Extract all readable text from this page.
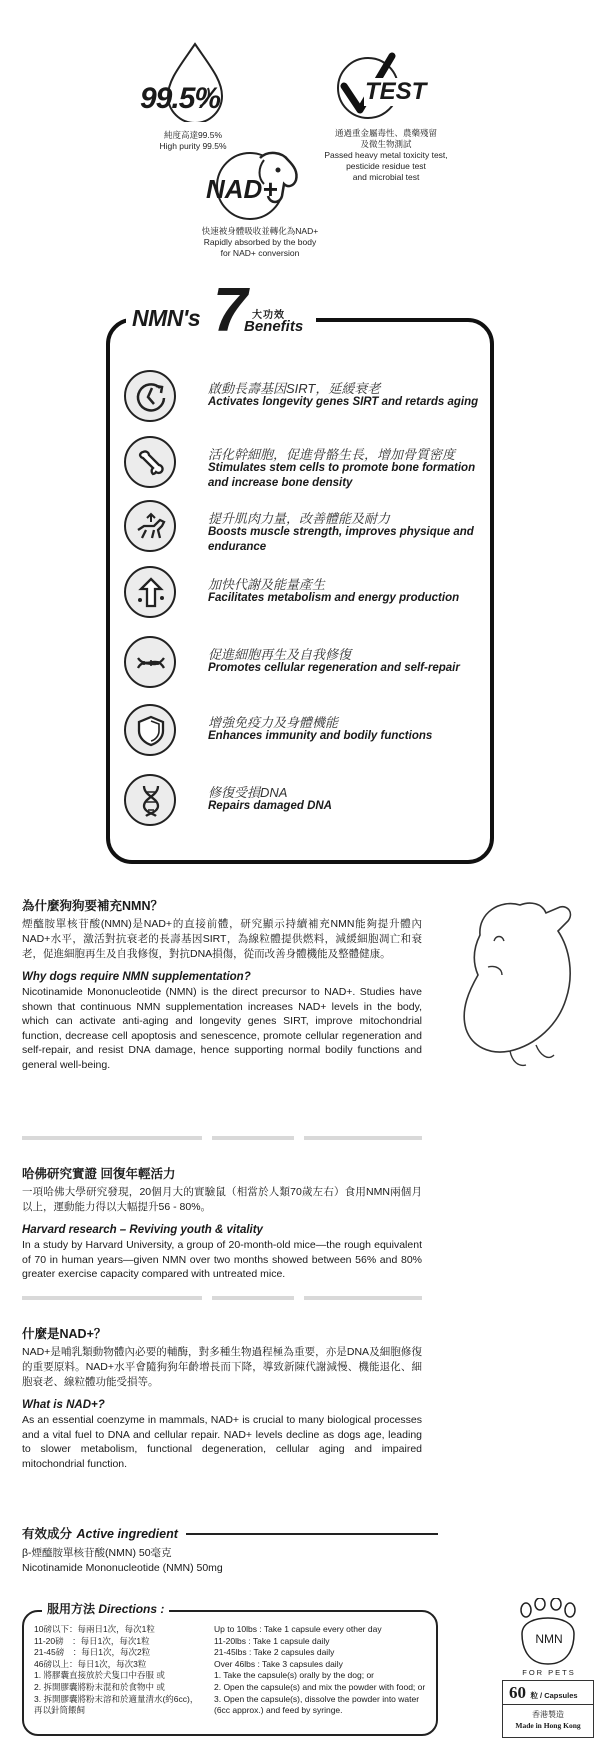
99.5%
純度高達99.5%
High purity 99.5%
TEST
通過重金屬毒性、農藥殘留
及微生物測試
Passed heavy metal toxicity test,
pesticide residue test
and microbial test
NAD+
快速被身體吸收並轉化為NAD+
Rapidly absorbed by the body
for NAD+ conversion
NMN's 7 大功效
Benefits
啟動長壽基因SIRT，延緩衰老
Activates longevity genes SIRT and retards aging
活化幹細胞，促進骨骼生長，增加骨質密度
Stimulates stem cells to promote bone formation and increase bone density
提升肌肉力量，改善體能及耐力
Boosts muscle strength, improves physique and endurance
加快代謝及能量產生
Facilitates metabolism and energy production
促進細胞再生及自我修復
Promotes cellular regeneration and self-repair
增強免疫力及身體機能
Enhances immunity and bodily functions
修復受損DNA
Repairs damaged DNA
為什麼狗狗要補充NMN？
煙醯胺單核苷酸(NMN)是NAD+的直接前體，研究顯示持續補充NMN能夠提升體內NAD+水平，激活對抗衰老的長壽基因SIRT，為線粒體提供燃料，減緩細胞凋亡和衰老，促進細胞再生及自我修復，對抗DNA損傷，從而改善身體機能及整體健康。
Why dogs require NMN supplementation?
Nicotinamide Mononucleotide (NMN) is the direct precursor to NAD+. Studies have shown that continuous NMN supplementation increases NAD+ levels in the body, which can activate anti-aging and longevity genes SIRT, improve mitochondrial function, decrease cell apoptosis and senescence, promote cellular regeneration and self-repair, and resist DNA damage, hence supporting normal bodily functions and general well-being.
哈佛研究實證 回復年輕活力
一項哈佛大學研究發現，20個月大的實驗鼠（相當於人類70歲左右）食用NMN兩個月以上，運動能力得以大幅提升56 - 80%。
Harvard research – Reviving youth & vitality
In a study by Harvard University, a group of 20-month-old mice—the rough equivalent of 70 in human years—given NMN over two months showed between 56% and 80% greater exercise capacity compared with untreated mice.
什麼是NAD+？
NAD+是哺乳類動物體內必要的輔酶，對多種生物過程極為重要，亦是DNA及細胞修復的重要原料。NAD+水平會隨狗狗年齡增長而下降，導致新陳代謝減慢、機能退化、細胞衰老、線粒體功能受損等。
What is NAD+?
As an essential coenzyme in mammals, NAD+ is crucial to many biological processes and a vital fuel to DNA and cellular repair. NAD+ levels decline as dogs age, leading to slower metabolism, functional degeneration, cellular aging and impaired mitochondrial function.
有效成分 Active ingredient
β-煙醯胺單核苷酸(NMN) 50毫克
Nicotinamide Mononucleotide (NMN) 50mg
服用方法 Directions :
10磅以下：每兩日1次，每次1粒
11-20磅　：每日1次，每次1粒
21-45磅　：每日1次，每次2粒
46磅以上：每日1次，每次3粒
1. 將膠囊直接放於犬隻口中吞服 或
2. 拆開膠囊將粉末混和於食物中 或
3. 拆開膠囊將粉末溶和於適量清水(約6cc)，
再以針筒餵飼
Up to 10lbs : Take 1 capsule every other day
11-20lbs : Take 1 capsule daily
21-45lbs : Take 2 capsules daily
Over 46lbs : Take 3 capsules daily
1. Take the capsule(s) orally by the dog; or
2. Open the capsule(s) and mix the powder with food; or
3. Open the capsule(s), dissolve the powder into water
(6cc approx.) and feed by syringe.
NMN
FOR PETS
60 粒 / Capsules
香港製造
Made in Hong Kong
